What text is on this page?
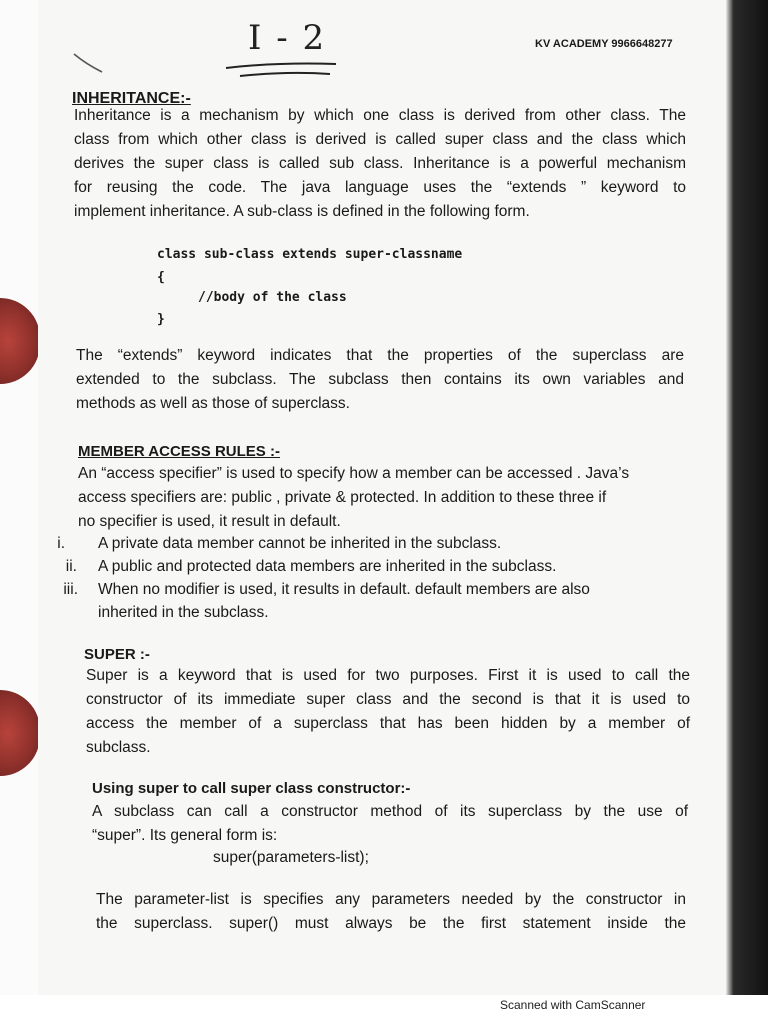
I - 2	KV ACADEMY 9966648277
INHERITANCE:-
Inheritance is a mechanism by which one class is derived from other class. The
class from which other class is derived is called super class and the class which
derives the super class is called sub class. Inheritance is a powerful mechanism
for reusing the code. The java language uses the “extends ” keyword to
implement inheritance. A sub-class is defined in the following form.
class sub-class extends super-classname
{
//body of the class
}
The “extends” keyword indicates that the properties of the superclass are
extended to the subclass. The subclass then contains its own variables and
methods as well as those of superclass.
MEMBER ACCESS RULES :-
An “access specifier” is used to specify how a member can be accessed . Java’s
access specifiers are: public , private & protected. In addition to these three if
no specifier is used, it result in default.
i. A private data member cannot be inherited in the subclass.
ii. A public and protected data members are inherited in the subclass.
iii. When no modifier is used, it results in default. default members are also
inherited in the subclass.
SUPER :-
Super is a keyword that is used for two purposes. First it is used to call the
constructor of its immediate super class and the second is that it is used to
access the member of a superclass that has been hidden by a member of
subclass.
Using super to call super class constructor:-
A subclass can call a constructor method of its superclass by the use of
“super”. Its general form is:
super(parameters-list);
The parameter-list is specifies any parameters needed by the constructor in
the superclass. super() must always be the first statement inside the
Scanned with CamScanner
